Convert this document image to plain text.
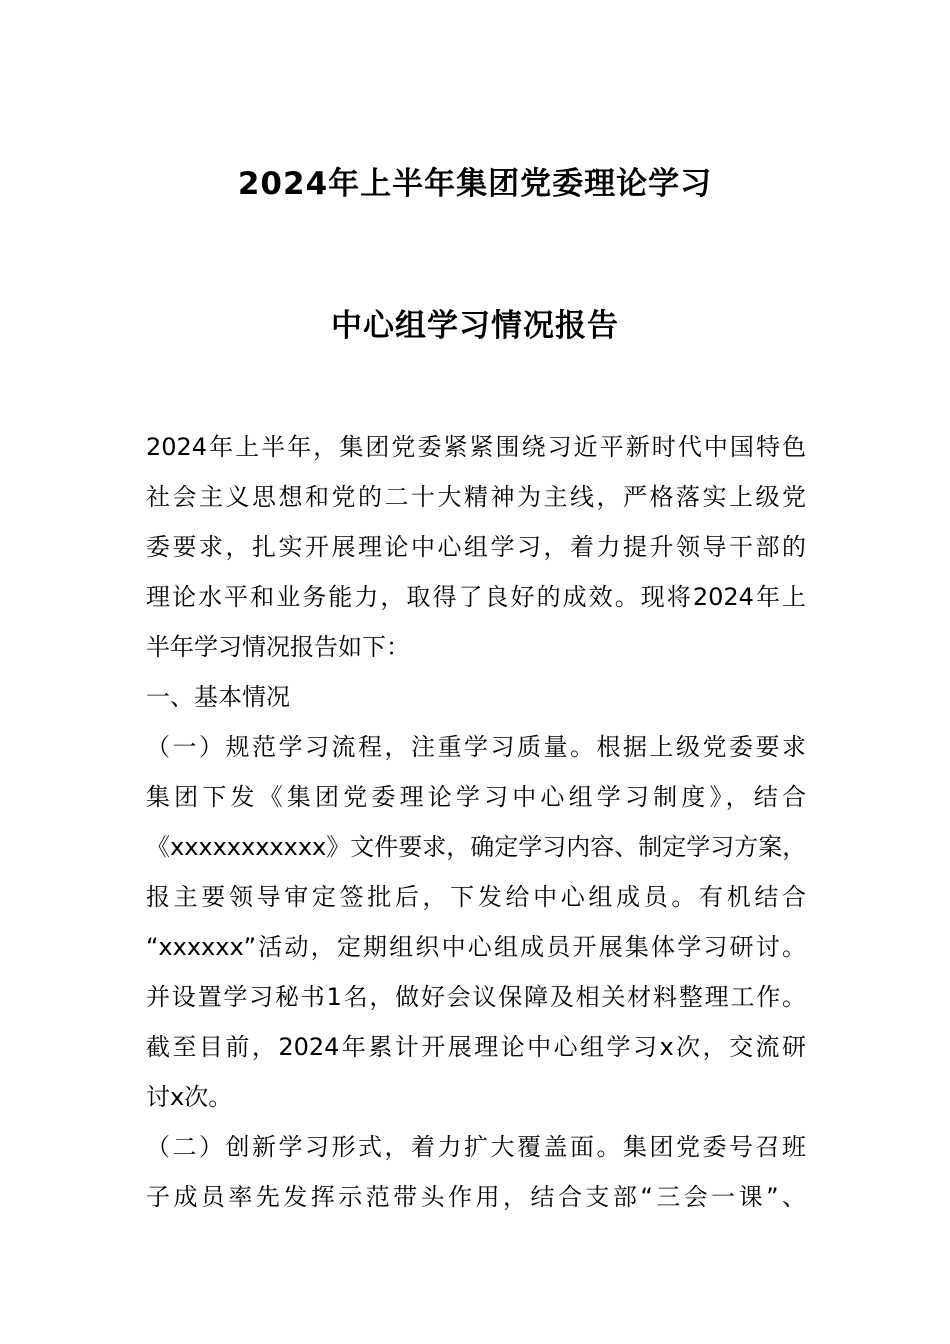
2024年上半年集团党委理论学习
中心组学习情况报告
2024年上半年，集团党委紧紧围绕习近平新时代中国特色
社会主义思想和党的二十大精神为主线，严格落实上级党
委要求，扎实开展理论中心组学习，着力提升领导干部的
理论水平和业务能力，取得了良好的成效。现将2024年上
半年学习情况报告如下：
一、基本情况
（一）规范学习流程，注重学习质量。根据上级党委要求
集团下发《集团党委理论学习中心组学习制度》，结合
《xxxxxxxxxxx》文件要求，确定学习内容、制定学习方案，
报主要领导审定签批后，下发给中心组成员。有机结合
“xxxxxx”活动，定期组织中心组成员开展集体学习研讨。
并设置学习秘书1名，做好会议保障及相关材料整理工作。
截至目前，2024年累计开展理论中心组学习x次，交流研
讨x次。
（二）创新学习形式，着力扩大覆盖面。集团党委号召班
子成员率先发挥示范带头作用，结合支部“三会一课”、
